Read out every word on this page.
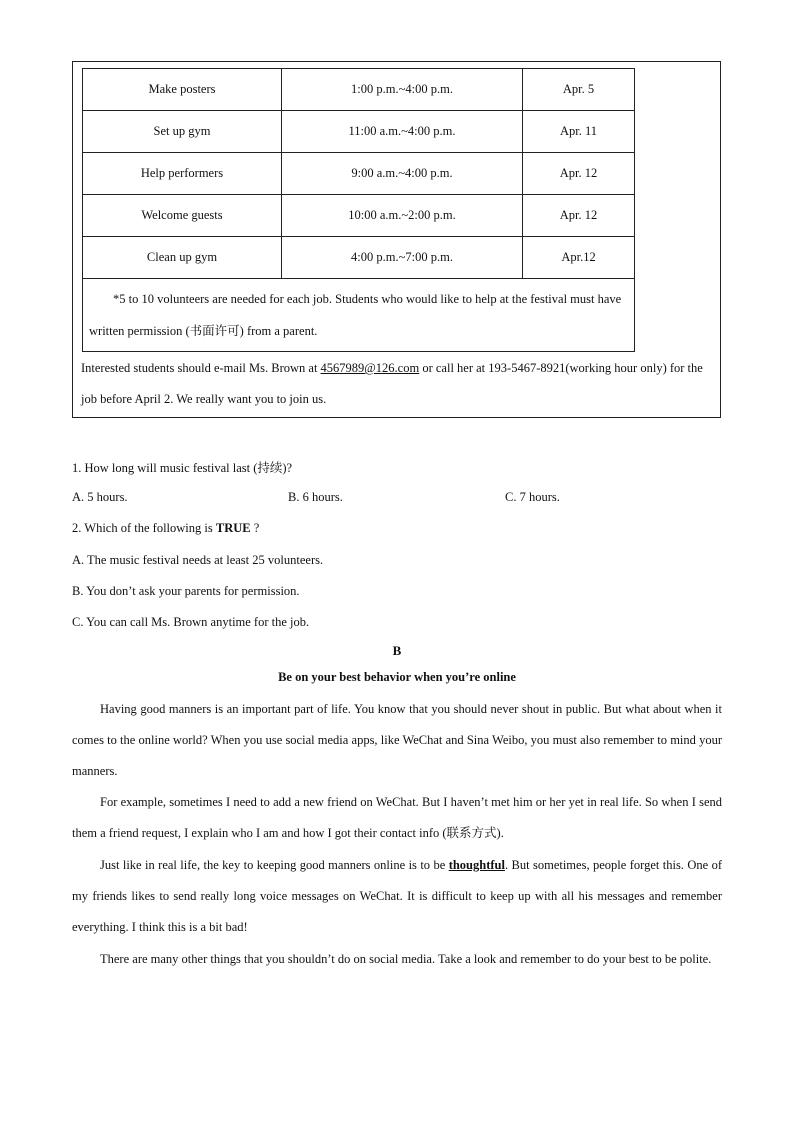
Make posters	1:00 p.m.~4:00 p.m.	Apr. 5
Set up gym	11:00 a.m.~4:00 p.m.	Apr. 11
Help performers	9:00 a.m.~4:00 p.m.	Apr. 12
Welcome guests	10:00 a.m.~2:00 p.m.	Apr. 12
Clean up gym	4:00 p.m.~7:00 p.m.	Apr.12
*5 to 10 volunteers are needed for each job. Students who would like to help at the festival must have written permission (书面许可) from a parent.		
Interested students should e-mail Ms. Brown at 4567989@126.com or call her at 193-5467-8921(working hour only) for the job before April 2. We really want you to join us.
1. How long will music festival last (持续)?
A. 5 hours.	B. 6 hours.	C. 7 hours.
2. Which of the following is TRUE ?
A. The music festival needs at least 25 volunteers.
B. You don’t ask your parents for permission.
C. You can call Ms. Brown anytime for the job.
B
Be on your best behavior when you’re online
Having good manners is an important part of life. You know that you should never shout in public. But what about when it comes to the online world? When you use social media apps, like WeChat and Sina Weibo, you must also remember to mind your manners.
For example, sometimes I need to add a new friend on WeChat. But I haven’t met him or her yet in real life. So when I send them a friend request, I explain who I am and how I got their contact info (联系方式).
Just like in real life, the key to keeping good manners online is to be thoughtful. But sometimes, people forget this. One of my friends likes to send really long voice messages on WeChat. It is difficult to keep up with all his messages and remember everything. I think this is a bit bad!
There are many other things that you shouldn’t do on social media. Take a look and remember to do your best to be polite.
